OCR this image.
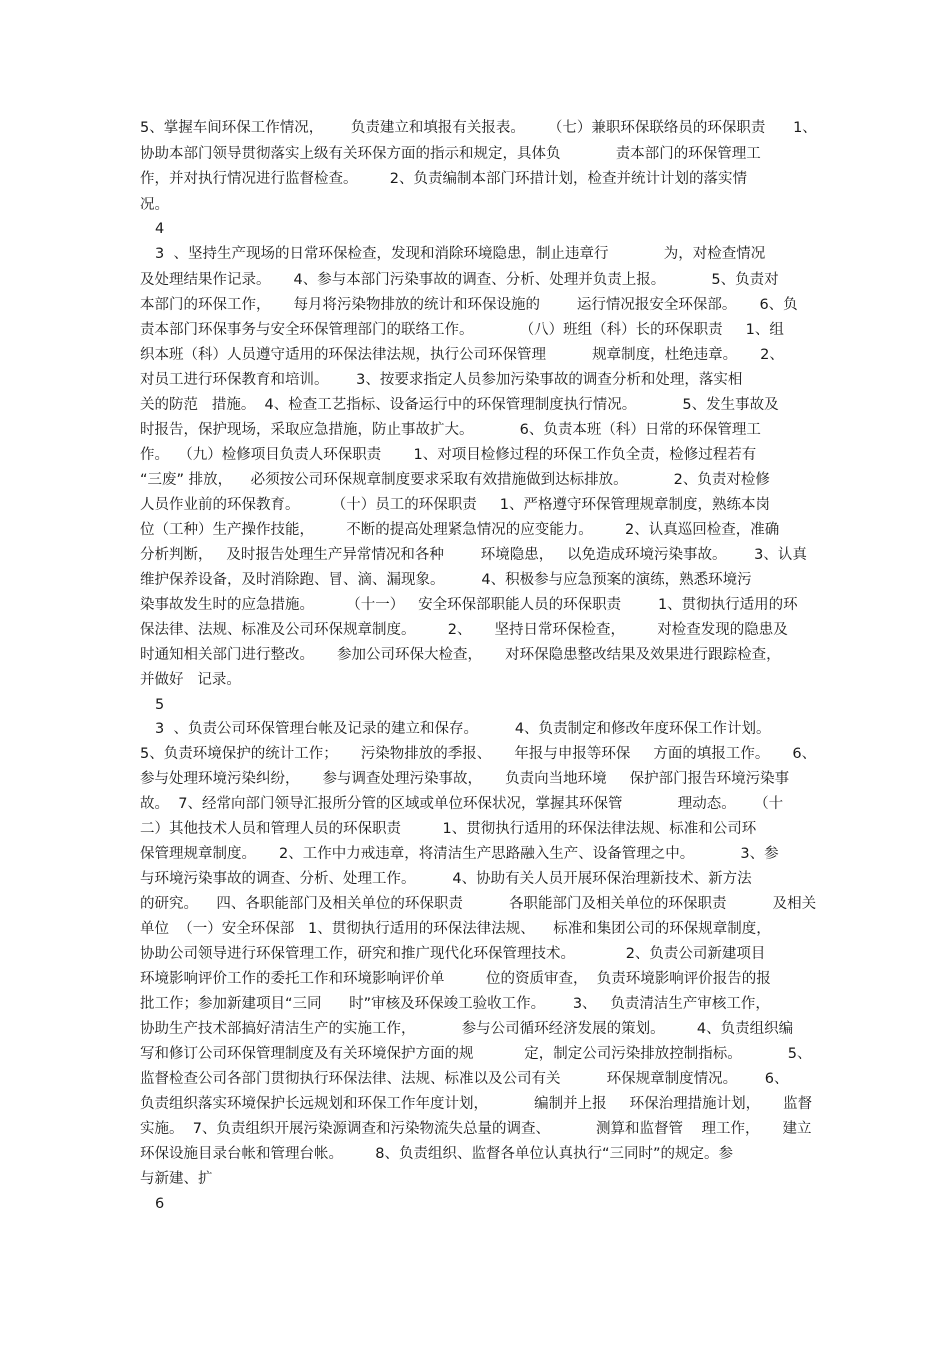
5、掌握车间环保工作情况，      负责建立和填报有关报表。     （七）兼职环保联络员的环保职责      1、
协助本部门领导贯彻落实上级有关环保方面的指示和规定，具体负            责本部门的环保管理工
作，并对执行情况进行监督检查。       2、负责编制本部门环措计划，检查并统计计划的落实情
况。
4
3  、坚持生产现场的日常环保检查，发现和消除环境隐患，制止违章行            为，对检查情况
及处理结果作记录。     4、参与本部门污染事故的调查、分析、处理并负责上报。          5、负责对
本部门的环保工作，     每月将污染物排放的统计和环保设施的        运行情况报安全环保部。     6、负
责本部门环保事务与安全环保管理部门的联络工作。          （八）班组（科）长的环保职责     1、组
织本班（科）人员遵守适用的环保法律法规，执行公司环保管理          规章制度，杜绝违章。     2、
对员工进行环保教育和培训。      3、按要求指定人员参加污染事故的调查分析和处理，落实相
关的防范   措施。  4、检查工艺指标、设备运行中的环保管理制度执行情况。          5、发生事故及
时报告，保护现场，采取应急措施，防止事故扩大。          6、负责本班（科）日常的环保管理工
作。  （九）检修项目负责人环保职责       1、对项目检修过程的环保工作负全责，检修过程若有
“三废” 排放，    必须按公司环保规章制度要求采取有效措施做到达标排放。          2、负责对检修
人员作业前的环保教育。       （十）员工的环保职责     1、严格遵守环保管理规章制度，熟练本岗
位（工种）生产操作技能，       不断的提高处理紧急情况的应变能力。       2、认真巡回检查，准确
分析判断，   及时报告处理生产异常情况和各种        环境隐患，   以免造成环境污染事故。      3、认真
维护保养设备，及时消除跑、冒、滴、漏现象。        4、积极参与应急预案的演练，熟悉环境污
染事故发生时的应急措施。       （十一）   安全环保部职能人员的环保职责        1、贯彻执行适用的环
保法律、法规、标准及公司环保规章制度。       2、     坚持日常环保检查，       对检查发现的隐患及
时通知相关部门进行整改。     参加公司环保大检查，     对环保隐患整改结果及效果进行跟踪检查，
并做好   记录。
5
3  、负责公司环保管理台帐及记录的建立和保存。        4、负责制定和修改年度环保工作计划。
5、负责环境保护的统计工作；     污染物排放的季报、     年报与申报等环保     方面的填报工作。     6、
参与处理环境污染纠纷，     参与调查处理污染事故，     负责向当地环境     保护部门报告环境污染事
故。  7、经常向部门领导汇报所分管的区域或单位环保状况，掌握其环保管            理动态。    （十
二）其他技术人员和管理人员的环保职责         1、贯彻执行适用的环保法律法规、标准和公司环
保管理规章制度。     2、工作中力戒违章，将清洁生产思路融入生产、设备管理之中。          3、参
与环境污染事故的调查、分析、处理工作。        4、协助有关人员开展环保治理新技术、新方法
的研究。    四、各职能部门及相关单位的环保职责          各职能部门及相关单位的环保职责          及相关
单位  （一）安全环保部   1、贯彻执行适用的环保法律法规、    标准和集团公司的环保规章制度，
协助公司领导进行环保管理工作，研究和推广现代化环保管理技术。           2、负责公司新建项目
环境影响评价工作的委托工作和环境影响评价单         位的资质审查，  负责环境影响评价报告的报
批工作；参加新建项目“三同      时”审核及环保竣工验收工作。      3、   负责清洁生产审核工作，
协助生产技术部搞好清洁生产的实施工作，          参与公司循环经济发展的策划。       4、负责组织编
写和修订公司环保管理制度及有关环境保护方面的规           定，制定公司污染排放控制指标。          5、
监督检查公司各部门贯彻执行环保法律、法规、标准以及公司有关          环保规章制度情况。      6、
负责组织落实环境保护长远规划和环保工作年度计划，          编制并上报     环保治理措施计划，     监督
实施。  7、负责组织开展污染源调查和污染物流失总量的调查、          测算和监督管    理工作，     建立
环保设施目录台帐和管理台帐。       8、负责组织、监督各单位认真执行“三同时”的规定。参
与新建、扩
6
